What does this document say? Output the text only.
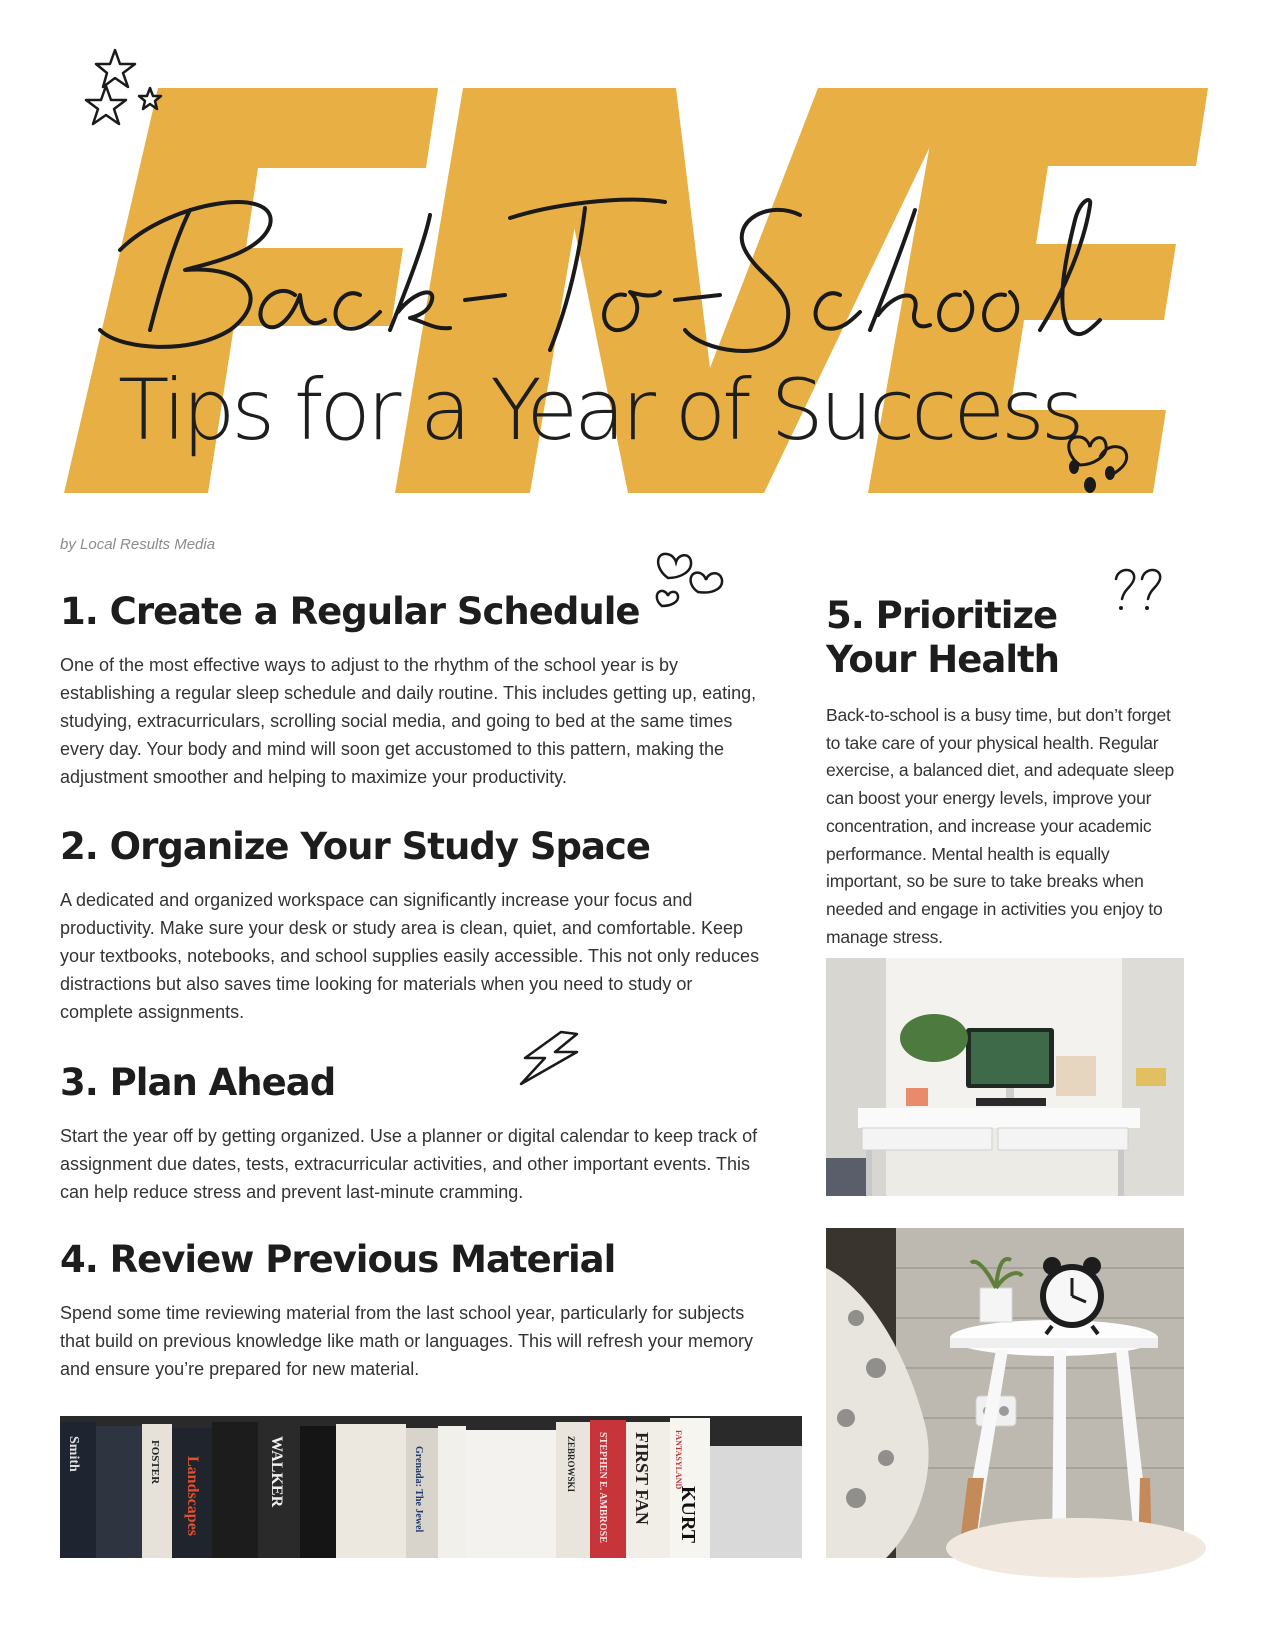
FIVE
Tips for a Year of Success
by Local Results Media
1. Create a Regular Schedule

One of the most effective ways to adjust to the rhythm of the school year is by establishing a regular sleep schedule and daily routine. This includes getting up, eating, studying, extracurriculars, scrolling social media, and going to bed at the same times every day. Your body and mind will soon get accustomed to this pattern, making the adjustment smoother and helping to maximize your productivity.

2. Organize Your Study Space

A dedicated and organized workspace can significantly increase your focus and productivity. Make sure your desk or study area is clean, quiet, and comfortable. Keep your textbooks, notebooks, and school supplies easily accessible. This not only reduces distractions but also saves time looking for materials when you need to study or complete assignments.

3. Plan Ahead

Start the year off by getting organized. Use a planner or digital calendar to keep track of assignment due dates, tests, extracurricular activities, and other important events. This can help reduce stress and prevent last-minute cramming.

4. Review Previous Material

Spend some time reviewing material from the last school year, particularly for subjects that build on previous knowledge like math or languages. This will refresh your memory and ensure you’re prepared for new material.

Smith	FOSTER Landscapes	WALKER	Grenada: The Jewel	ZEBROWSKI STEPHEN E. AMBROSE FIRST FAN	FANTASYLAND
KURT
5. Prioritize
Your Health

Back-to-school is a busy time, but don’t forget to take care of your physical health. Regular exercise, a balanced diet, and adequate sleep can boost your energy levels, improve your concentration, and increase your academic performance. Mental health is equally important, so be sure to take breaks when needed and engage in activities you enjoy to manage stress.
